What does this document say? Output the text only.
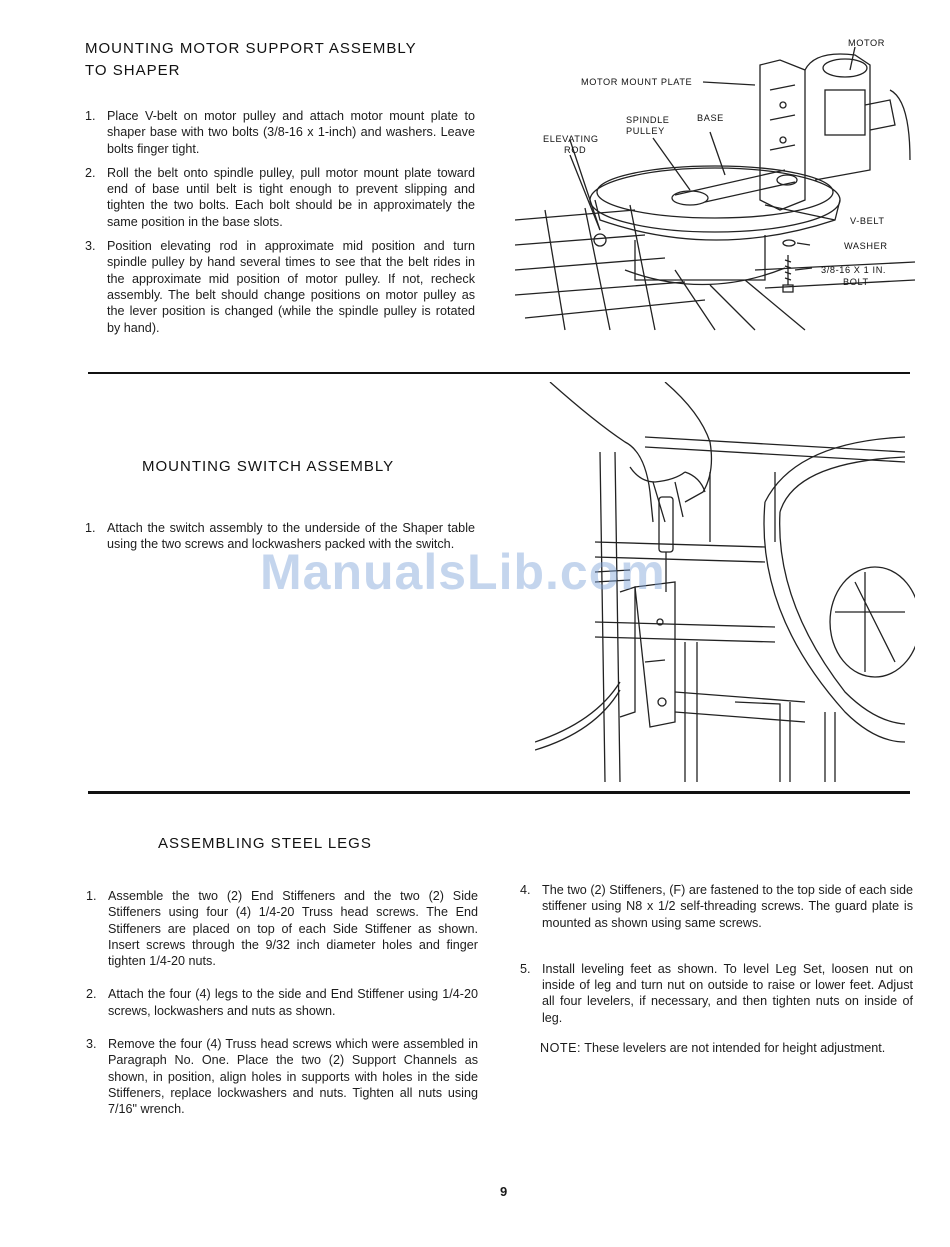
MOUNTING MOTOR SUPPORT ASSEMBLY
TO SHAPER
1. Place V-belt on motor pulley and attach motor mount plate to shaper base with two bolts (3/8-16 x 1-inch) and washers. Leave bolts finger tight.
2. Roll the belt onto spindle pulley, pull motor mount plate toward end of base until belt is tight enough to prevent slipping and tighten the two bolts. Each bolt should be in approximately the same position in the base slots.
3. Position elevating rod in approximate mid position and turn spindle pulley by hand several times to see that the belt rides in the approximate mid position of motor pulley. If not, recheck assembly. The belt should change positions on motor pulley as the lever position is changed (while the spindle pulley is rotated by hand).
MOTOR
MOTOR MOUNT PLATE
SPINDLE
PULLEY
BASE
ELEVATING
ROD
V-BELT
WASHER
3/8-16 X 1 IN.
BOLT
MOUNTING SWITCH ASSEMBLY
1. Attach the switch assembly to the underside of the Shaper table using the two screws and lockwashers packed with the switch.
ASSEMBLING STEEL LEGS
1. Assemble the two (2) End Stiffeners and the two (2) Side Stiffeners using four (4) 1/4-20 Truss head screws. The End Stiffeners are placed on top of each Side Stiffener as shown. Insert screws through the 9/32 inch diameter holes and finger tighten 1/4-20 nuts.
2. Attach the four (4) legs to the side and End Stiffener using 1/4-20 screws, lockwashers and nuts as shown.
3. Remove the four (4) Truss head screws which were assembled in Paragraph No. One. Place the two (2) Support Channels as shown, in position, align holes in supports with holes in the side Stiffeners, replace lockwashers and nuts. Tighten all nuts using 7/16" wrench.
4. The two (2) Stiffeners, (F) are fastened to the top side of each side stiffener using N8 x 1/2 self-threading screws. The guard plate is mounted as shown using same screws.
5. Install leveling feet as shown. To level Leg Set, loosen nut on inside of leg and turn nut on outside to raise or lower feet. Adjust all four levelers, if necessary, and then tighten nuts on inside of leg.

NOTE: These levelers are not intended for height adjustment.

ManualsLib.com
9
